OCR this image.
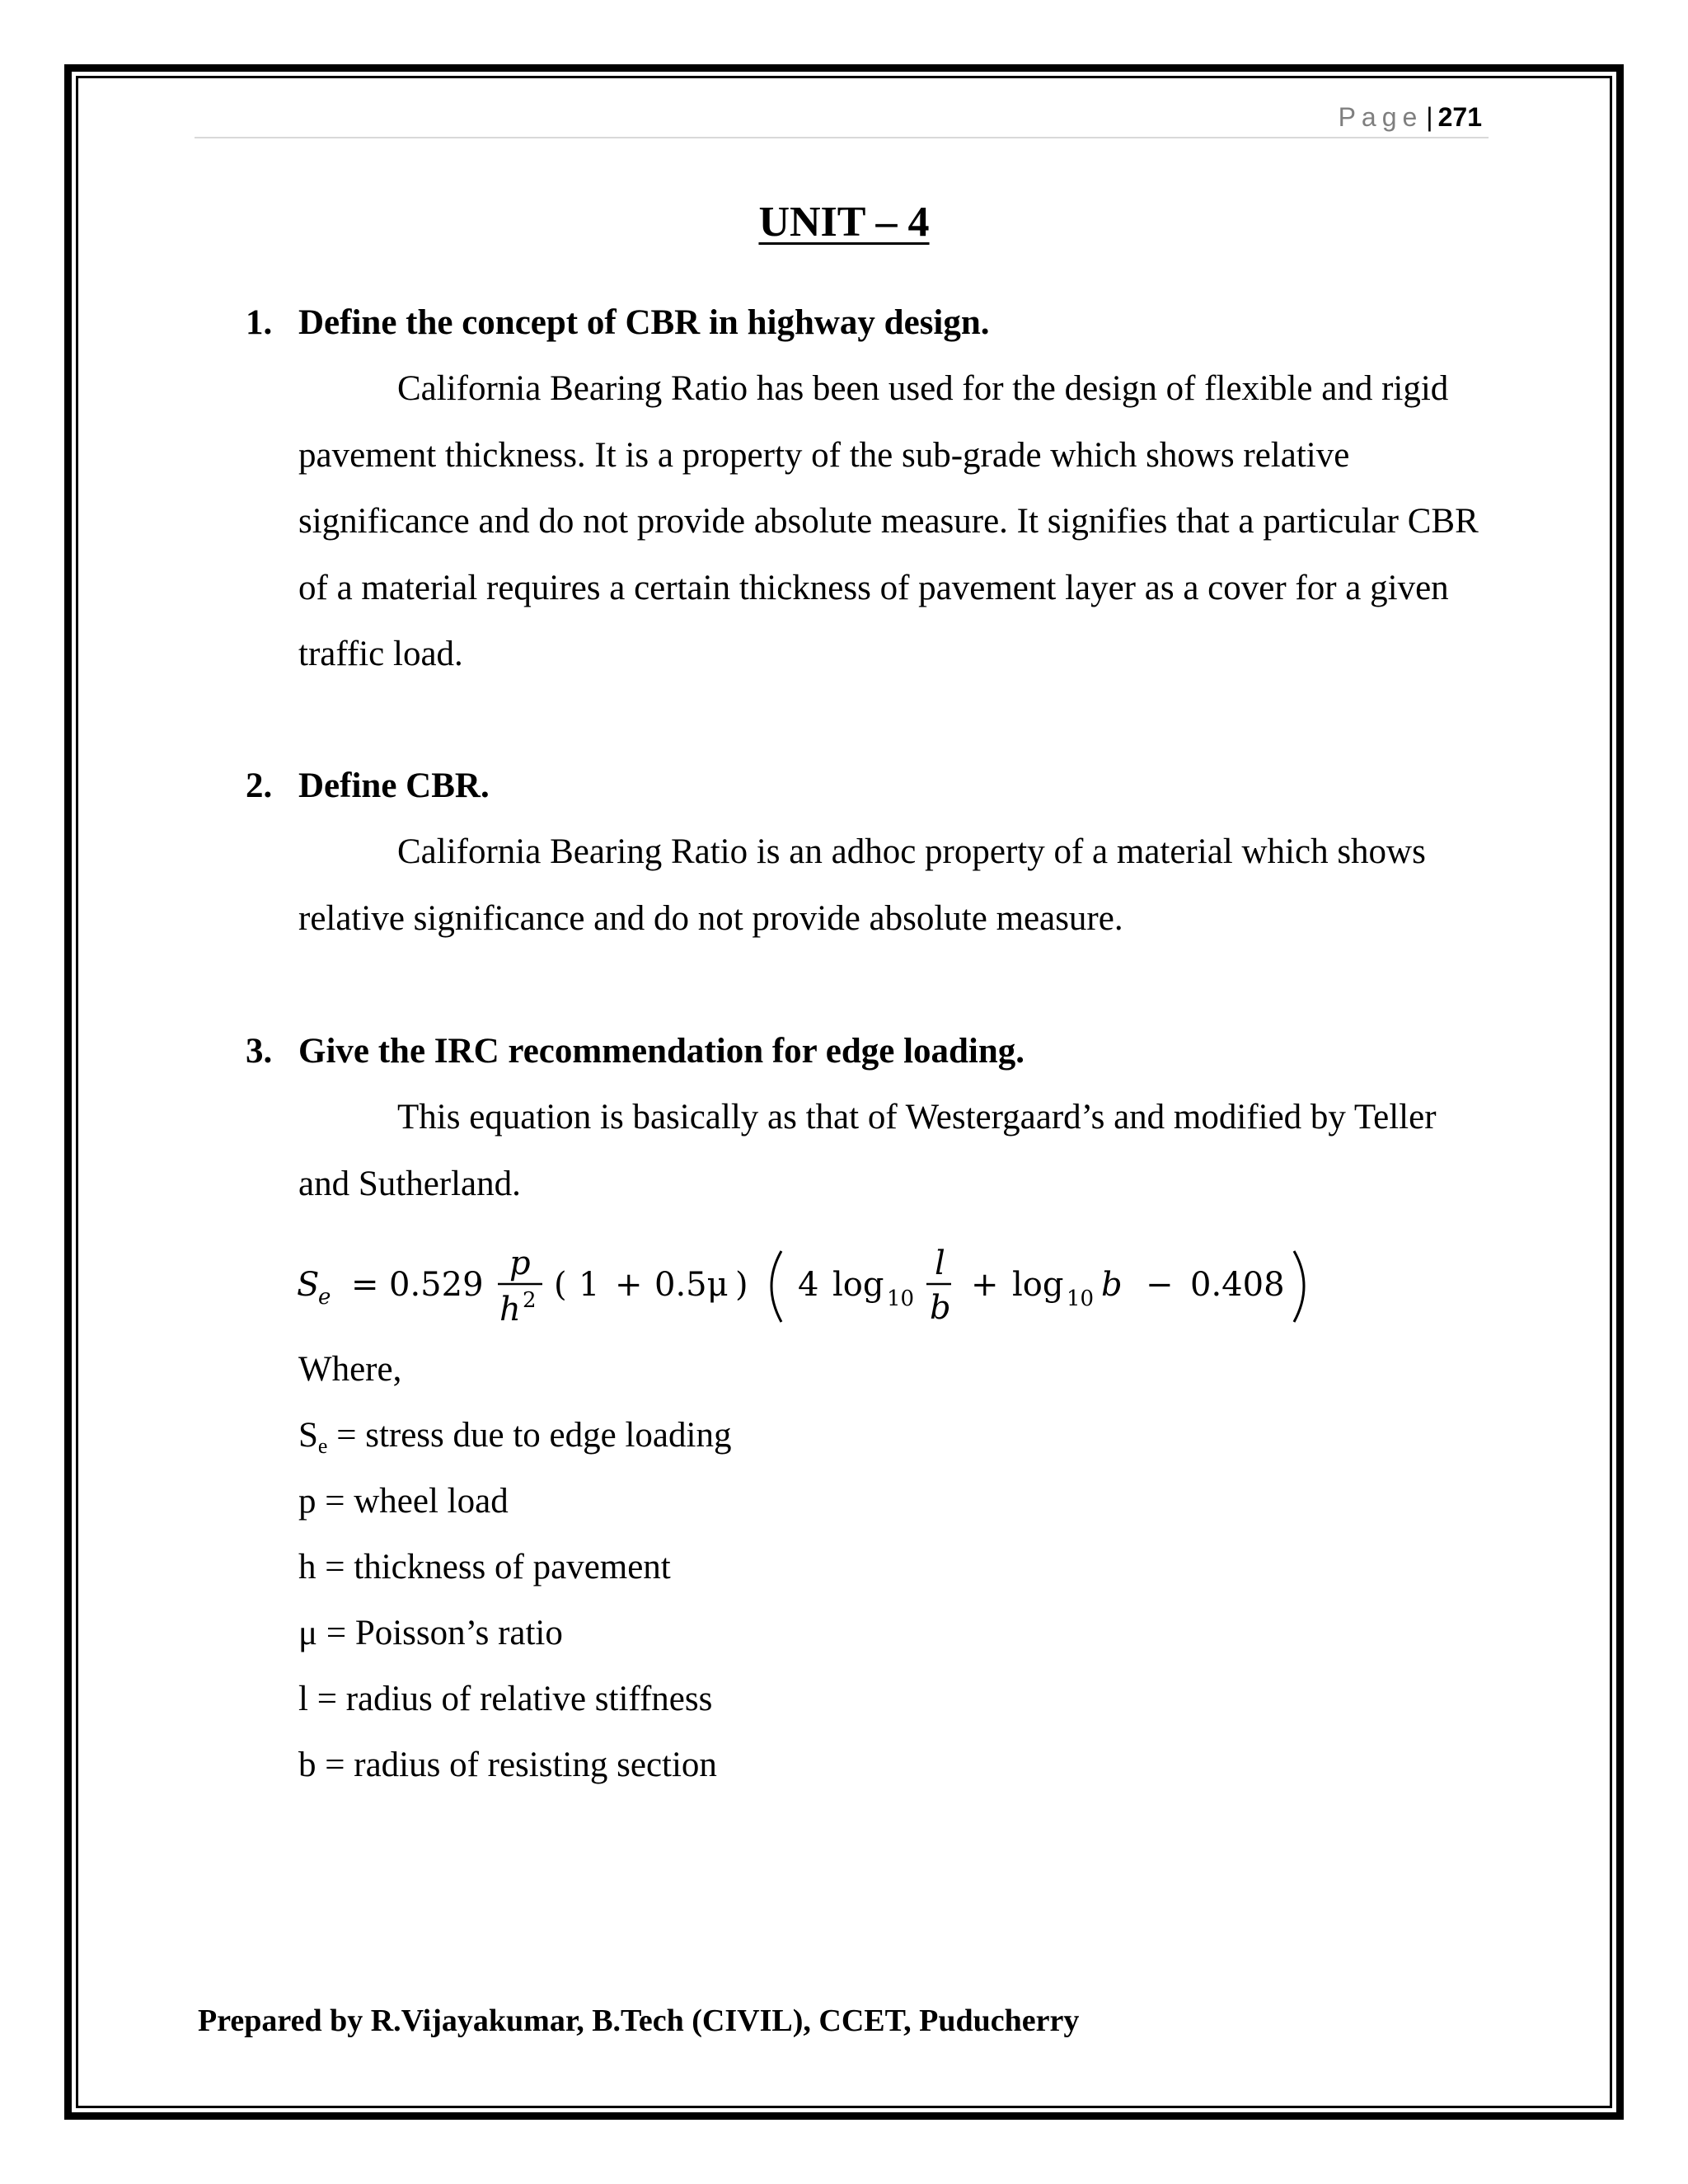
Page | 271
UNIT – 4
1. Define the concept of CBR in highway design.

California Bearing Ratio has been used for the design of flexible and rigid pavement thickness. It is a property of the sub-grade which shows relative significance and do not provide absolute measure. It signifies that a particular CBR of a material requires a certain thickness of pavement layer as a cover for a given traffic load.

2. Define CBR.

California Bearing Ratio is an adhoc property of a material which shows relative significance and do not provide absolute measure.

3. Give the IRC recommendation for edge loading.

This equation is basically as that of Westergaard’s and modified by Teller and Sutherland.

S
e = 0.529
p
h 2 ( 1 + 0.5μ ) 4 log 10
l
b
+ log 10 b − 0.408
Where,
$S_e$ = stress due to edge loading
p = wheel load
h = thickness of pavement
μ = Poisson’s ratio
l = radius of relative stiffness
b = radius of resisting section
Prepared by R.Vijayakumar, B.Tech (CIVIL), CCET, Puducherry
